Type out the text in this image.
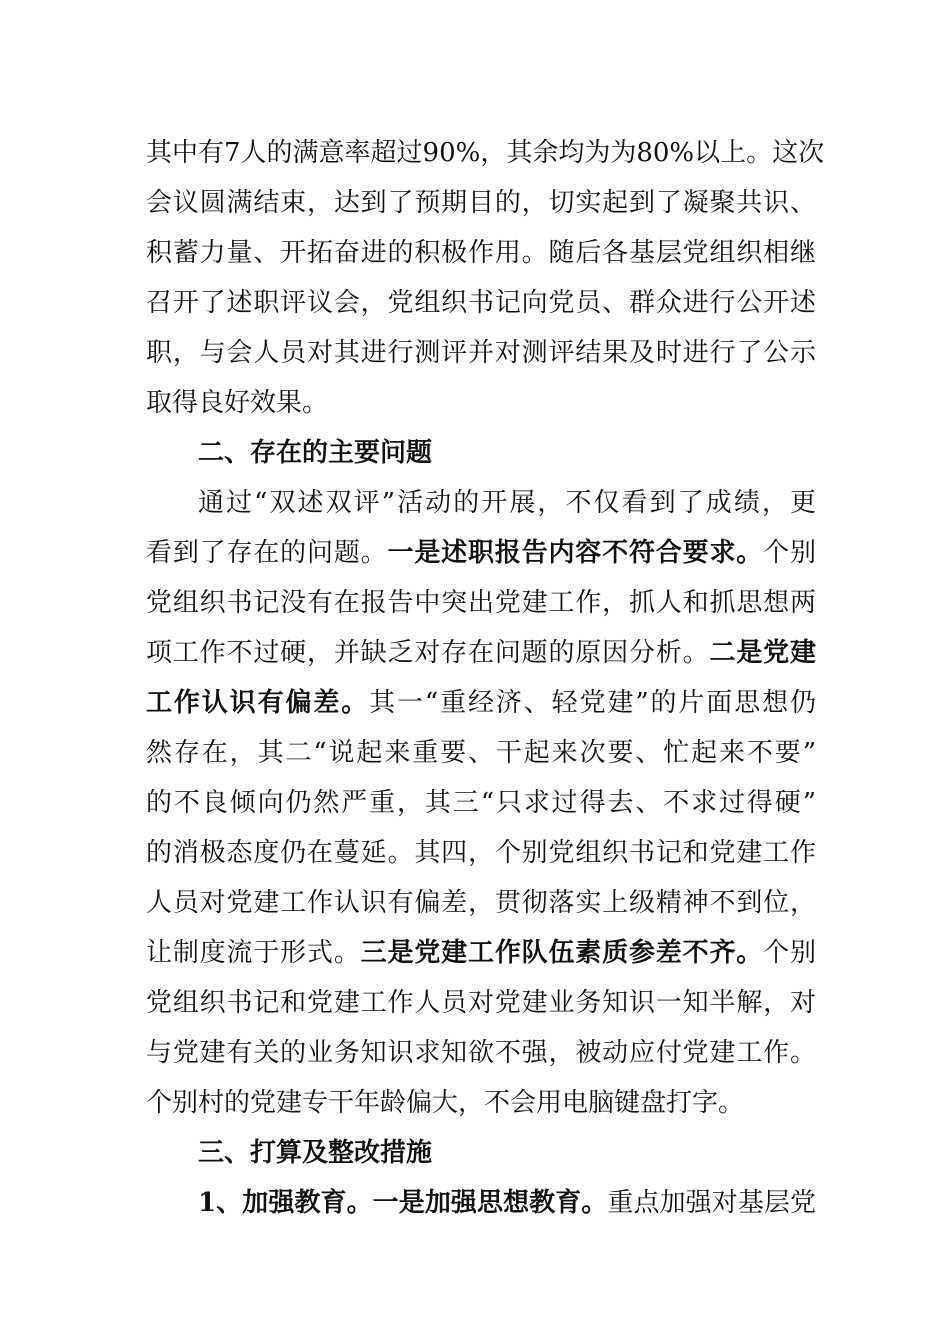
其中有7人的满意率超过90%，其余均为为80%以上。这次
会议圆满结束，达到了预期目的，切实起到了凝聚共识、
积蓄力量、开拓奋进的积极作用。随后各基层党组织相继
召开了述职评议会，党组织书记向党员、群众进行公开述
职，与会人员对其进行测评并对测评结果及时进行了公示
取得良好效果。
二、存在的主要问题
通过“双述双评”活动的开展，不仅看到了成绩，更
看到了存在的问题。一是述职报告内容不符合要求。个别
党组织书记没有在报告中突出党建工作，抓人和抓思想两
项工作不过硬，并缺乏对存在问题的原因分析。二是党建
工作认识有偏差。其一“重经济、轻党建”的片面思想仍
然存在，其二“说起来重要、干起来次要、忙起来不要”
的不良倾向仍然严重，其三“只求过得去、不求过得硬”
的消极态度仍在蔓延。其四，个别党组织书记和党建工作
人员对党建工作认识有偏差，贯彻落实上级精神不到位，
让制度流于形式。三是党建工作队伍素质参差不齐。个别
党组织书记和党建工作人员对党建业务知识一知半解，对
与党建有关的业务知识求知欲不强，被动应付党建工作。
个别村的党建专干年龄偏大，不会用电脑键盘打字。
三、打算及整改措施
1、加强教育。一是加强思想教育。重点加强对基层党
